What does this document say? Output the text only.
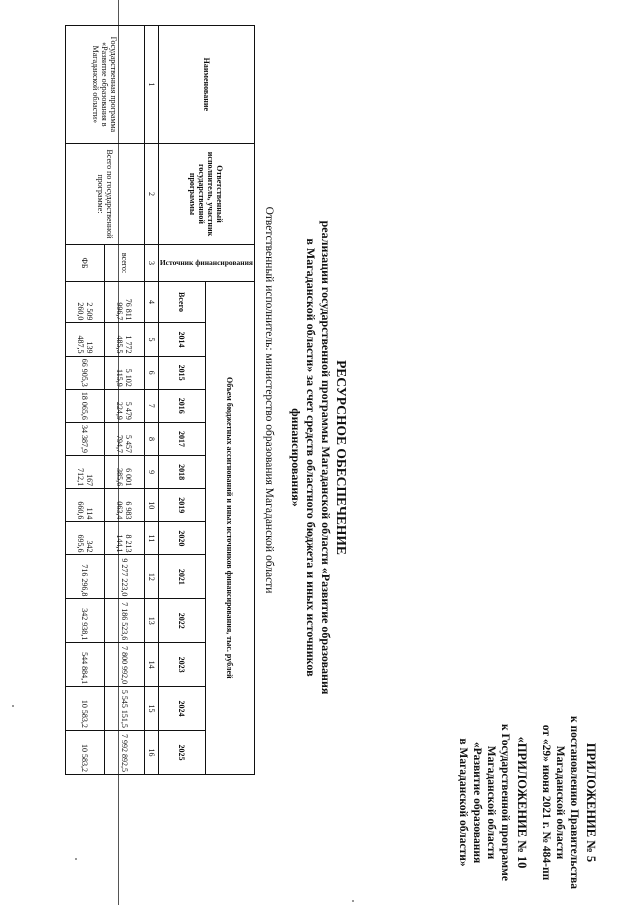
ПРИЛОЖЕНИЕ № 5
к постановлению Правительства
Магаданской области
от «29» июня 2021 г. № 484-пп
«ПРИЛОЖЕНИЕ № 10
к Государственной программе
Магаданской области
«Развитие образования
в Магаданской области»
РЕСУРСНОЕ ОБЕСПЕЧЕНИЕ
реализации государственной программы Магаданской области «Развитие образования
в Магаданской области» за счет средств областного бюджета и иных источников финансирования»
Ответственный исполнитель: министерство образования Магаданской области
Наименование	Ответственный исполнитель, участник государственной программы	Источник финансирования	Объем бюджетных ассигнований и иных источников финансирования, тыс. рублей												
			Всего	2014	2015	2016	2017	2018	2019	2020	2021	2022	2023	2024	2025
1	2	3	4	5	6	7	8	9	10	11	12	13	14	15	16
Государственная программа «Развитие образования в Магаданской области»	Всего по государственной программе:	всего:	76 811 996,7	1 772 485,5	5 102 115,9	5 479 224,9	5 457 794,7	6 001 385,6	6 983 063,4	8 213 144,1	9 277 223,0	7 186 523,6	7 800 992,0	5 545 151,5	7 992 892,5
		ФБ	2 509 260,0	139 487,5	66 905,3	18 065,6	34 387,9	167 712,1	114 660,6	342 695,6	716 296,8	342 938,1	544 884,1	10 583,2	10 583,2
